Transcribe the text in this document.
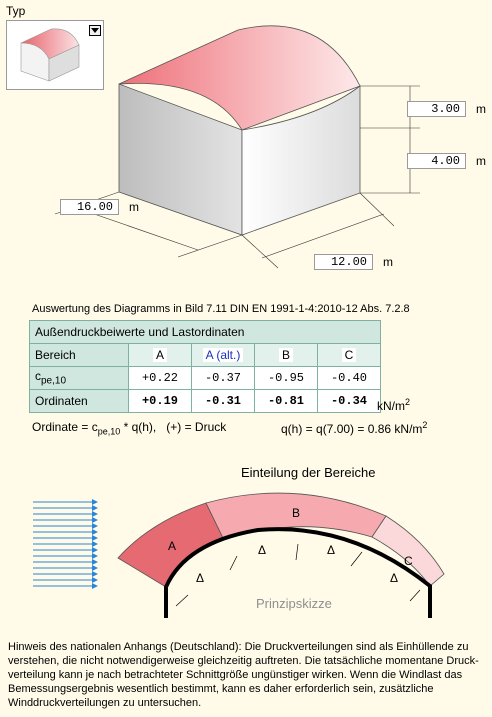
Typ
3.00	m
4.00	m
16.00	m
12.00	m
Auswertung des Diagramms in Bild 7.11 DIN EN 1991-1-4:2010-12 Abs. 7.2.8
Außendruckbeiwerte und Lastordinaten				
Bereich	A	A (alt.)	B	C
$c_{pe,10}$	+0.22	-0.37	-0.95	-0.40
Ordinaten	+0.19	-0.31	-0.81	-0.34 $kN/m^2$
Ordinate = $c_{pe,10} * q(h)$,   (+) = Druck	q(h) = q(7.00) = 0.86 $kN/m^2$
Einteilung der Bereiche
A
B
C
Δ
Δ	Δ
Δ
Prinzipskizze
Hinweis des nationalen Anhangs (Deutschland): Die Druckverteilungen sind als Einhüllende zu verstehen, die nicht notwendigerweise gleichzeitig auftreten. Die tatsächliche momentane Druck- verteilung kann je nach betrachteter Schnittgröße ungünstiger wirken. Wenn die Windlast das Bemessungsergebnis wesentlich bestimmt, kann es daher erforderlich sein, zusätzliche Winddruckverteilungen zu untersuchen.
